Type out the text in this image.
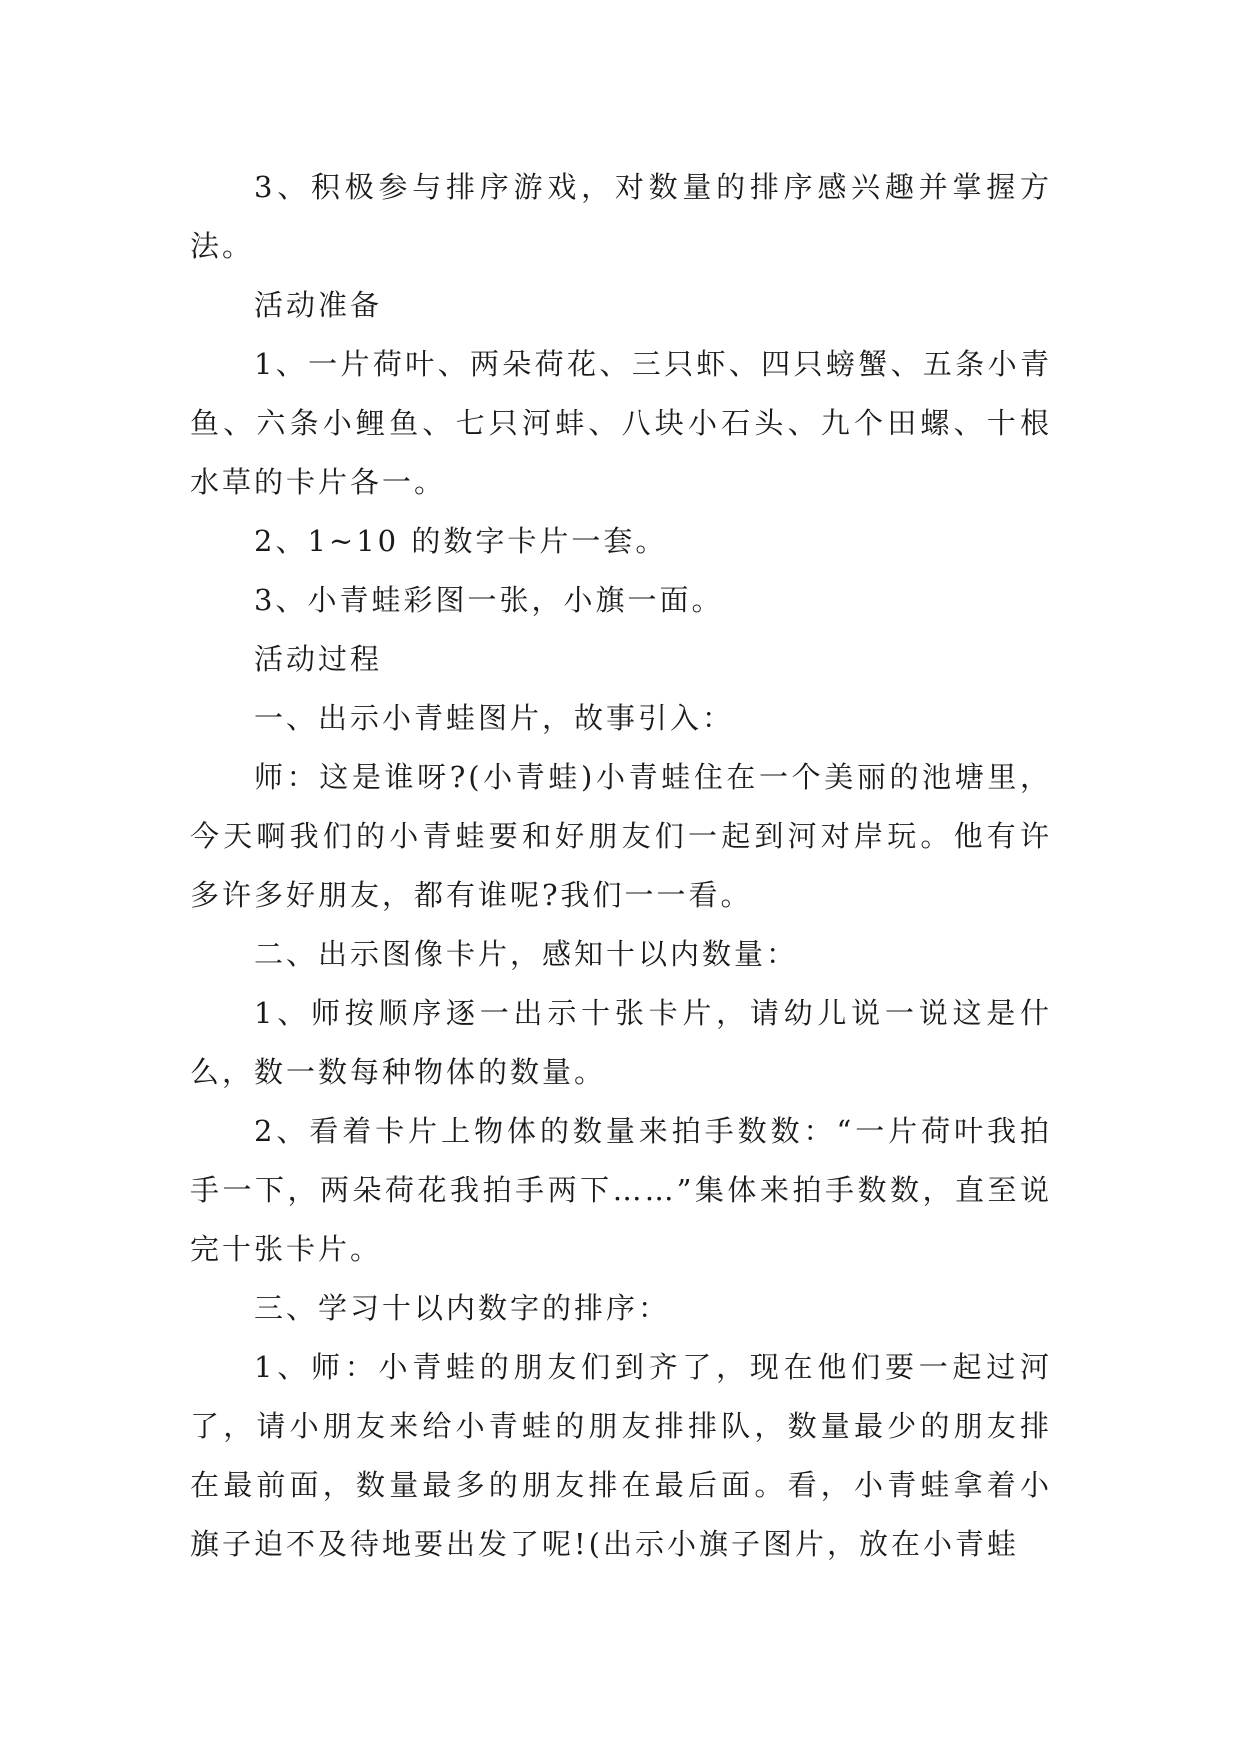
3、积极参与排序游戏，对数量的排序感兴趣并掌握方法。

活动准备

1、一片荷叶、两朵荷花、三只虾、四只螃蟹、五条小青鱼、六条小鲤鱼、七只河蚌、八块小石头、九个田螺、十根水草的卡片各一。

2、1~10 的数字卡片一套。

3、小青蛙彩图一张，小旗一面。

活动过程

一、出示小青蛙图片，故事引入：

师：这是谁呀?(小青蛙)小青蛙住在一个美丽的池塘里，今天啊我们的小青蛙要和好朋友们一起到河对岸玩。他有许多许多好朋友，都有谁呢?我们一一看。

二、出示图像卡片，感知十以内数量：

1、师按顺序逐一出示十张卡片，请幼儿说一说这是什么，数一数每种物体的数量。

2、看着卡片上物体的数量来拍手数数：“一片荷叶我拍手一下，两朵荷花我拍手两下……”集体来拍手数数，直至说完十张卡片。

三、学习十以内数字的排序：

1、师：小青蛙的朋友们到齐了，现在他们要一起过河了，请小朋友来给小青蛙的朋友排排队，数量最少的朋友排在最前面，数量最多的朋友排在最后面。看，小青蛙拿着小旗子迫不及待地要出发了呢!(出示小旗子图片，放在小青蛙
